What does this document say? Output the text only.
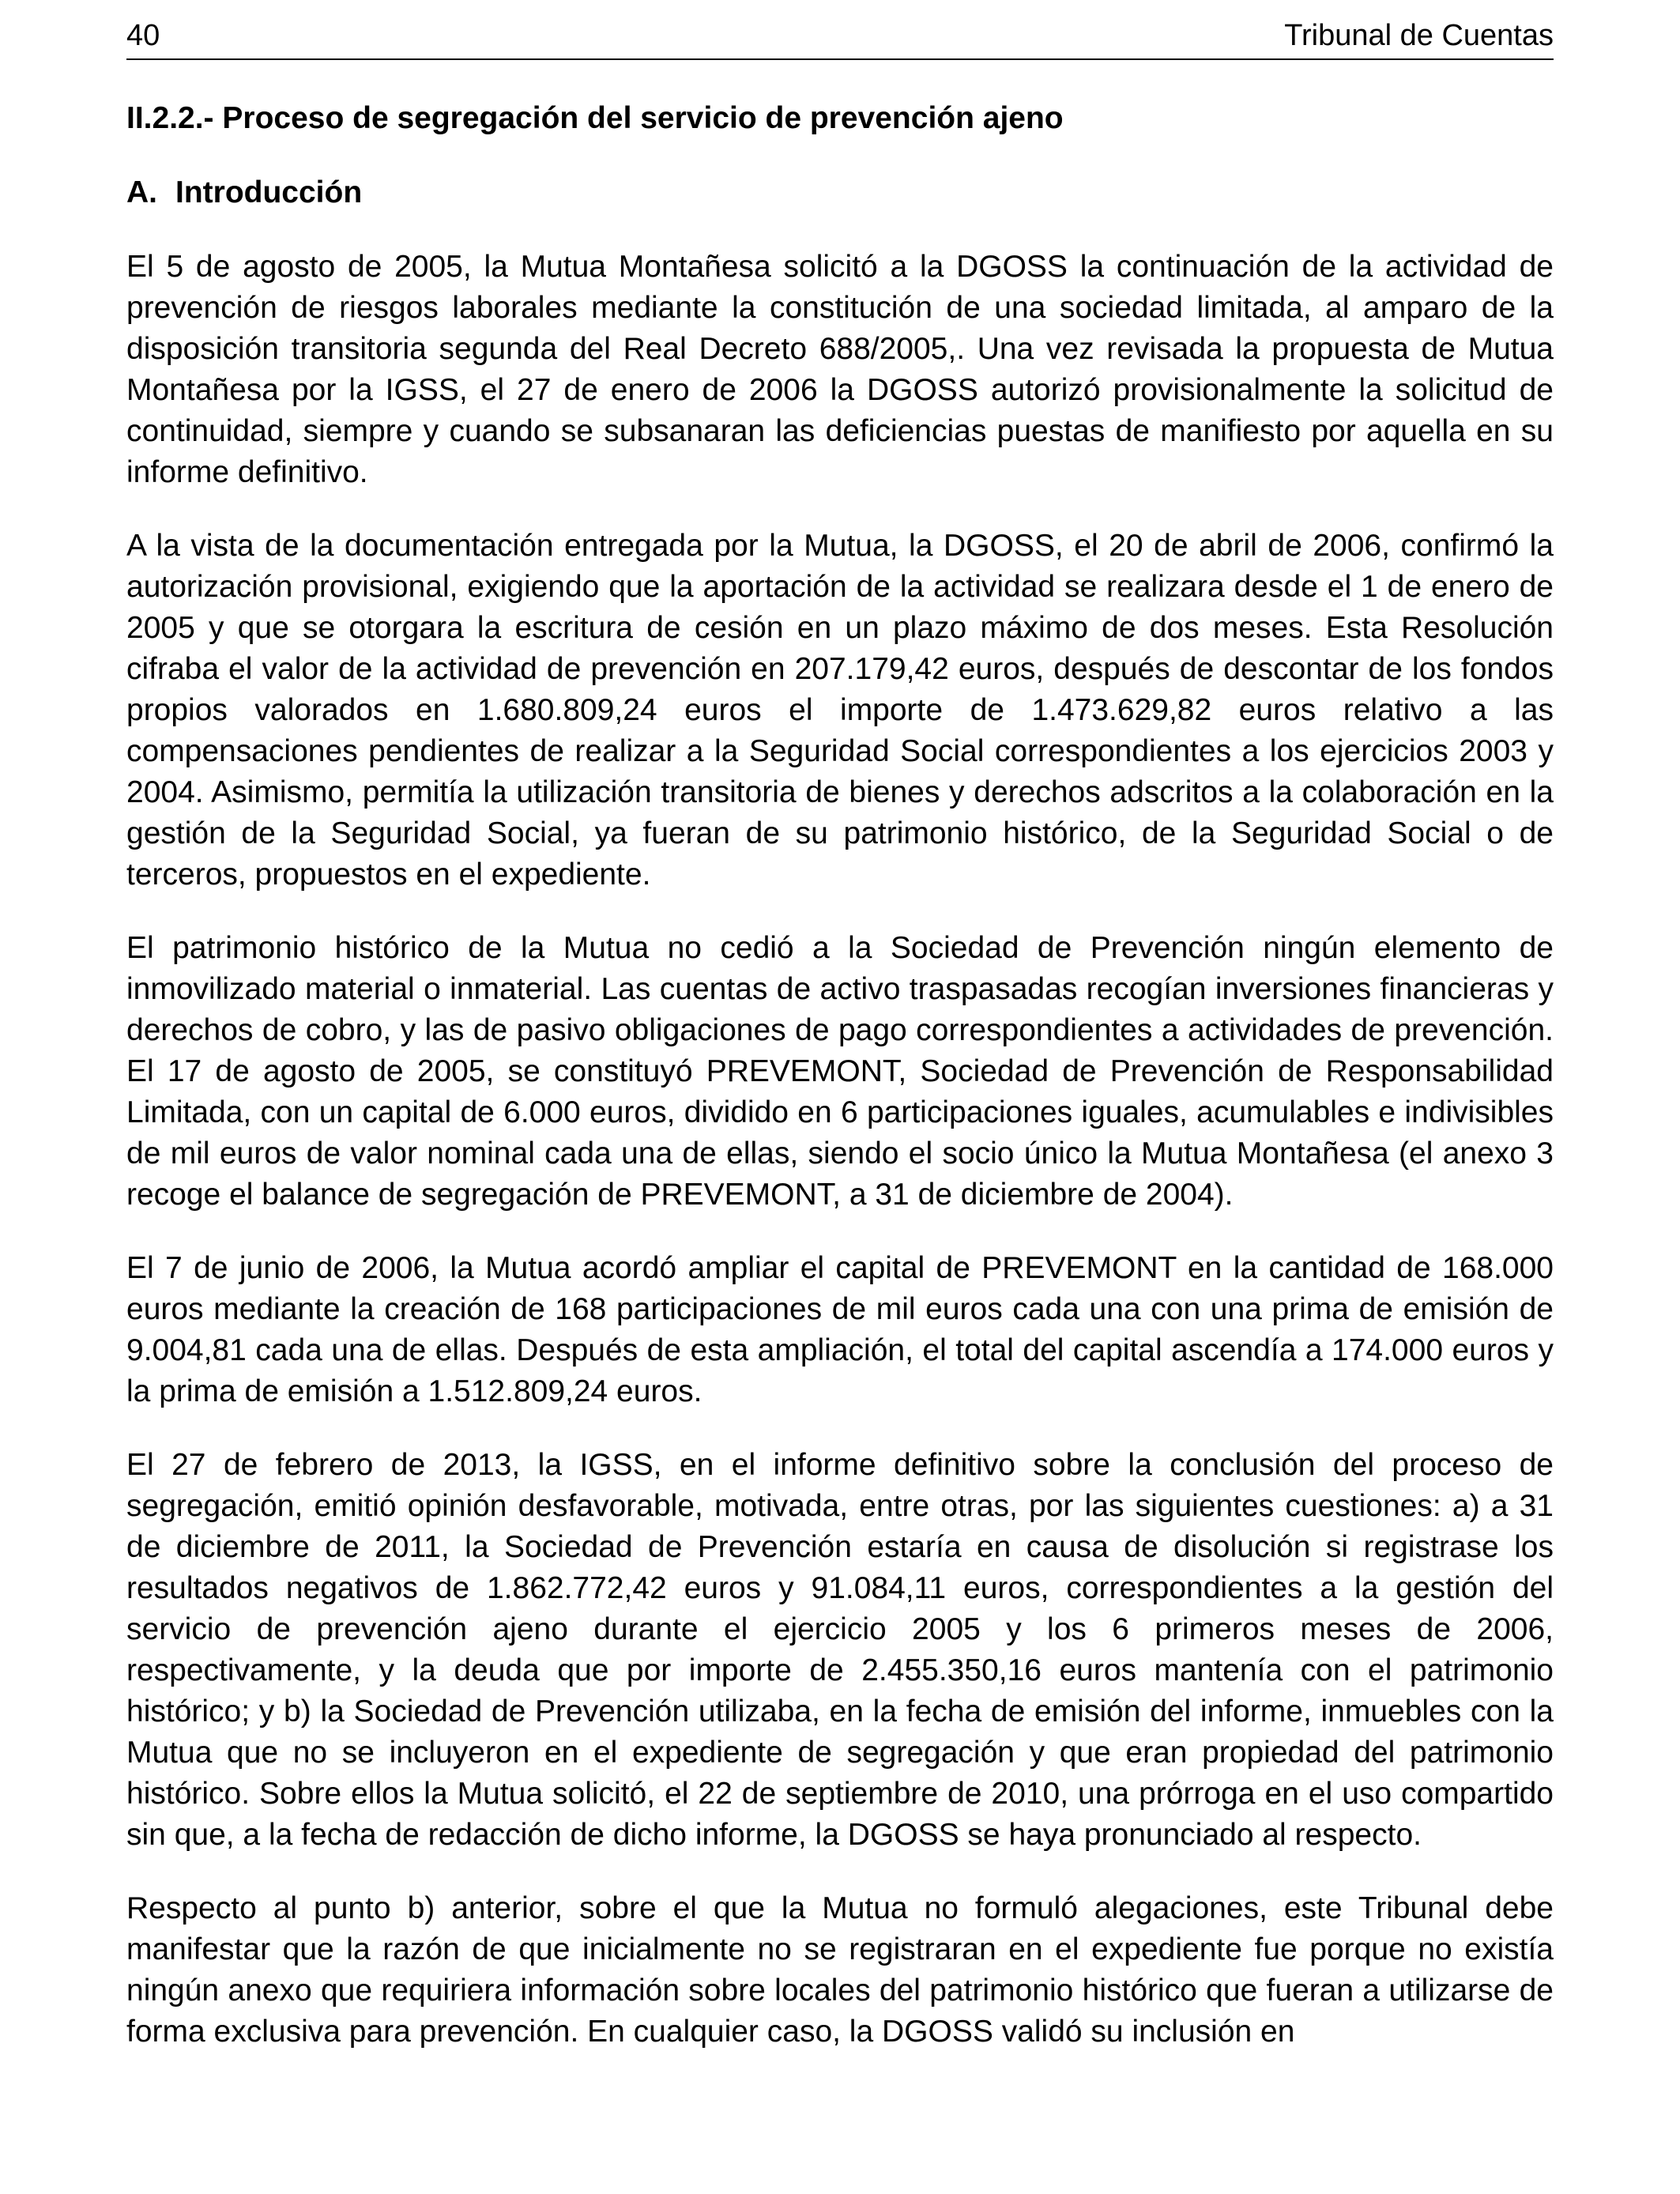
40	Tribunal de Cuentas
II.2.2.- Proceso de segregación del servicio de prevención ajeno
A. Introducción

El 5 de agosto de 2005, la Mutua Montañesa solicitó a la DGOSS la continuación de la actividad de prevención de riesgos laborales mediante la constitución de una sociedad limitada, al amparo de la disposición transitoria segunda del Real Decreto 688/2005,. Una vez revisada la propuesta de Mutua Montañesa por la IGSS, el 27 de enero de 2006 la DGOSS autorizó provisionalmente la solicitud de continuidad, siempre y cuando se subsanaran las deficiencias puestas de manifiesto por aquella en su informe definitivo.

A la vista de la documentación entregada por la Mutua, la DGOSS, el 20 de abril de 2006, confirmó la autorización provisional, exigiendo que la aportación de la actividad se realizara desde el 1 de enero de 2005 y que se otorgara la escritura de cesión en un plazo máximo de dos meses. Esta Resolución cifraba el valor de la actividad de prevención en 207.179,42 euros, después de descontar de los fondos propios valorados en 1.680.809,24 euros el importe de 1.473.629,82 euros relativo a las compensaciones pendientes de realizar a la Seguridad Social correspondientes a los ejercicios 2003 y 2004. Asimismo, permitía la utilización transitoria de bienes y derechos adscritos a la colaboración en la gestión de la Seguridad Social, ya fueran de su patrimonio histórico, de la Seguridad Social o de terceros, propuestos en el expediente.

El patrimonio histórico de la Mutua no cedió a la Sociedad de Prevención ningún elemento de inmovilizado material o inmaterial. Las cuentas de activo traspasadas recogían inversiones financieras y derechos de cobro, y las de pasivo obligaciones de pago correspondientes a actividades de prevención. El 17 de agosto de 2005, se constituyó PREVEMONT, Sociedad de Prevención de Responsabilidad Limitada, con un capital de 6.000 euros, dividido en 6 participaciones iguales, acumulables e indivisibles de mil euros de valor nominal cada una de ellas, siendo el socio único la Mutua Montañesa (el anexo 3 recoge el balance de segregación de PREVEMONT, a 31 de diciembre de 2004).

El 7 de junio de 2006, la Mutua acordó ampliar el capital de PREVEMONT en la cantidad de 168.000 euros mediante la creación de 168 participaciones de mil euros cada una con una prima de emisión de 9.004,81 cada una de ellas. Después de esta ampliación, el total del capital ascendía a 174.000 euros y la prima de emisión a 1.512.809,24 euros.

El 27 de febrero de 2013, la IGSS, en el informe definitivo sobre la conclusión del proceso de segregación, emitió opinión desfavorable, motivada, entre otras, por las siguientes cuestiones: a) a 31 de diciembre de 2011, la Sociedad de Prevención estaría en causa de disolución si registrase los resultados negativos de 1.862.772,42 euros y 91.084,11 euros, correspondientes a la gestión del servicio de prevención ajeno durante el ejercicio 2005 y los 6 primeros meses de 2006, respectivamente, y la deuda que por importe de 2.455.350,16 euros mantenía con el patrimonio histórico; y b) la Sociedad de Prevención utilizaba, en la fecha de emisión del informe, inmuebles con la Mutua que no se incluyeron en el expediente de segregación y que eran propiedad del patrimonio histórico. Sobre ellos la Mutua solicitó, el 22 de septiembre de 2010, una prórroga en el uso compartido sin que, a la fecha de redacción de dicho informe, la DGOSS se haya pronunciado al respecto.

Respecto al punto b) anterior, sobre el que la Mutua no formuló alegaciones, este Tribunal debe manifestar que la razón de que inicialmente no se registraran en el expediente fue porque no existía ningún anexo que requiriera información sobre locales del patrimonio histórico que fueran a utilizarse de forma exclusiva para prevención. En cualquier caso, la DGOSS validó su inclusión en
